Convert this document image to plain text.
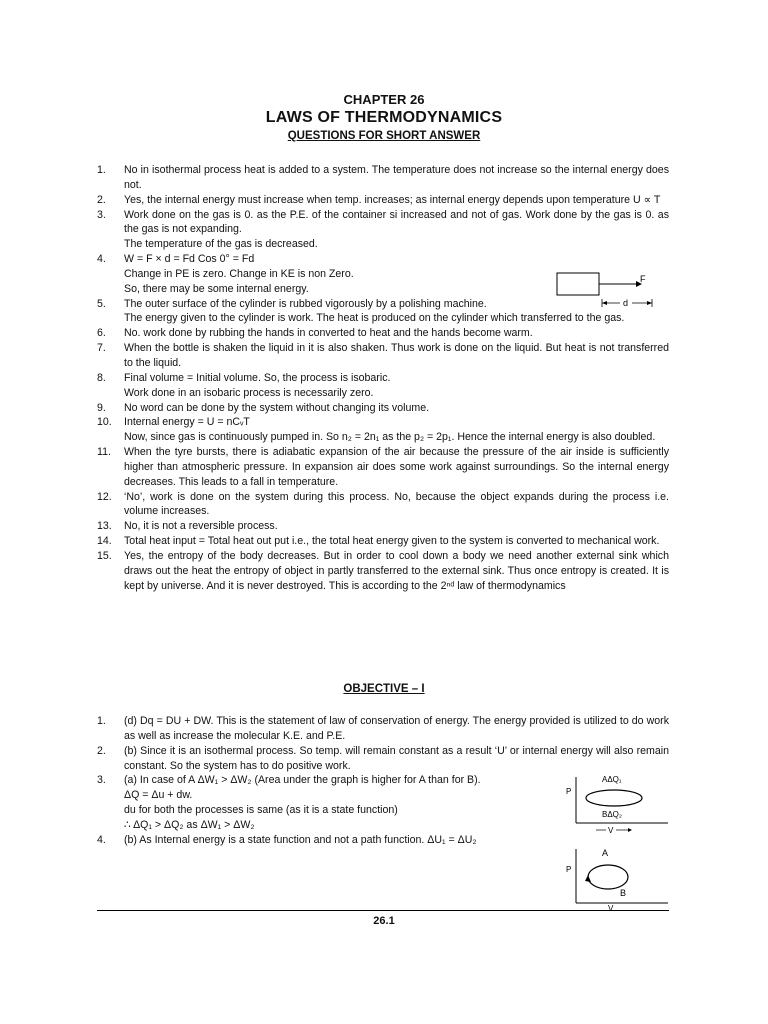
CHAPTER 26
LAWS OF THERMODYNAMICS
QUESTIONS FOR SHORT ANSWER
1. No in isothermal process heat is added to a system. The temperature does not increase so the internal energy does not.
2. Yes, the internal energy must increase when temp. increases; as internal energy depends upon temperature U ∝ T
3. Work done on the gas is 0. as the P.E. of the container si increased and not of gas. Work done by the gas is 0. as the gas is not expanding.
The temperature of the gas is decreased.
4. W = F × d = Fd Cos 0° = Fd
Change in PE is zero. Change in KE is non Zero.
So, there may be some internal energy.
5. The outer surface of the cylinder is rubbed vigorously by a polishing machine.
The energy given to the cylinder is work. The heat is produced on the cylinder which transferred to the gas.
6. No. work done by rubbing the hands in converted to heat and the hands become warm.
7. When the bottle is shaken the liquid in it is also shaken. Thus work is done on the liquid. But heat is not transferred to the liquid.
8. Final volume = Initial volume. So, the process is isobaric.
Work done in an isobaric process is necessarily zero.
9. No word can be done by the system without changing its volume.
10. Internal energy = U = nCᵥT
Now, since gas is continuously pumped in. So n₂ = 2n₁ as the p₂ = 2p₁. Hence the internal energy is also doubled.
11. When the tyre bursts, there is adiabatic expansion of the air because the pressure of the air inside is sufficiently higher than atmospheric pressure. In expansion air does some work against surroundings. So the internal energy decreases. This leads to a fall in temperature.
12. ‘No’, work is done on the system during this process. No, because the object expands during the process i.e. volume increases.
13. No, it is not a reversible process.
14. Total heat input = Total heat out put i.e., the total heat energy given to the system is converted to mechanical work.
15. Yes, the entropy of the body decreases. But in order to cool down a body we need another external sink which draws out the heat the entropy of object in partly transferred to the external sink. Thus once entropy is created. It is kept by universe. And it is never destroyed. This is according to the 2ⁿᵈ law of thermodynamics
OBJECTIVE – I
1. (d) Dq = DU + DW. This is the statement of law of conservation of energy. The energy provided is utilized to do work as well as increase the molecular K.E. and P.E.
2. (b) Since it is an isothermal process. So temp. will remain constant as a result ‘U’ or internal energy will also remain constant. So the system has to do positive work.
3. (a) In case of A ΔW₁ > ΔW₂ (Area under the graph is higher for A than for B).
ΔQ = Δu + dw.
du for both the processes is same (as it is a state function)
∴ ΔQ₁ > ΔQ₂ as ΔW₁ > ΔW₂
4. (b) As Internal energy is a state function and not a path function. ΔU₁ = ΔU₂
F
d
P
AΔQ₁
BΔQ₂
V
P
A
B
V
26.1
